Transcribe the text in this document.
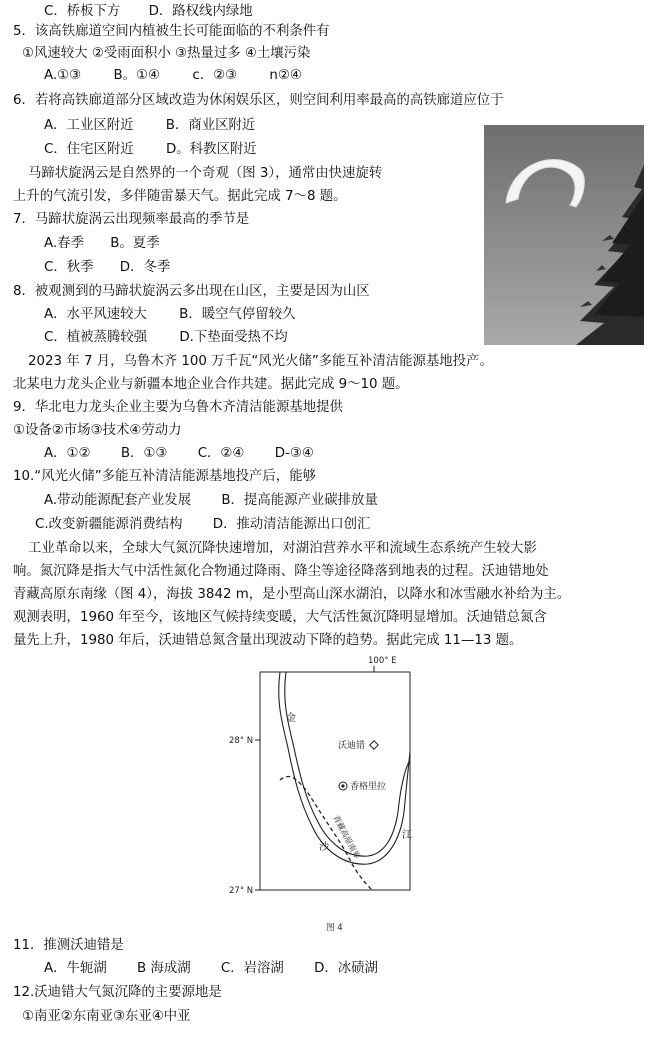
C．桥板下方 D．路权线内绿地
5．该高铁廊道空间内植被生长可能面临的不利条件有
①风速较大 ②受雨面积小 ③热量过多 ④土壤污染
A.①③ B。①④ c．②③ n②④
6．若将高铁廊道部分区域改造为休闲娱乐区，则空间利用率最高的高铁廊道应位于
A．工业区附近 B．商业区附近
C．住宅区附近 D。科教区附近
马蹄状旋涡云是自然界的一个奇观（图 3），通常由快速旋转
上升的气流引发，多伴随雷暴天气。据此完成 7～8 题。
7．马蹄状旋涡云出现频率最高的季节是
A.春季 B。夏季
C．秋季 D．冬季
8．被观测到的马蹄状旋涡云多出现在山区，主要是因为山区
A．水平风速较大 B．暖空气停留较久
C．植被蒸腾较强 D.下垫面受热不均	图 3
2023 年 7 月，乌鲁木齐 100 万千瓦“风光火储”多能互补清洁能源基地投产。
北某电力龙头企业与新疆本地企业合作共建。据此完成 9～10 题。
9．华北电力龙头企业主要为乌鲁木齐清洁能源基地提供
①设备②市场③技术④劳动力
A．①② B．①③ C．②④ D-③④
10.“风光火储”多能互补清洁能源基地投产后，能够
A.带动能源配套产业发展 B．提高能源产业碳排放量
C.改变新疆能源消费结构 D．推动清洁能源出口创汇
工业革命以来，全球大气氮沉降快速增加，对湖泊营养水平和流域生态系统产生较大影
响。氮沉降是指大气中活性氮化合物通过降雨、降尘等途径降落到地表的过程。沃迪错地处
青藏高原东南缘（图 4），海拔 3842 m，是小型高山深水湖泊，以降水和冰雪融水补给为主。
观测表明，1960 年至今，该地区气候持续变暖，大气活性氮沉降明显增加。沃迪错总氮含
量先上升，1980 年后，沃迪错总氮含量出现波动下降的趋势。据此完成 11—13 题。
100° E
28° N
27° N
金
沙
江
沃迪错
香格里拉
青藏高原南界
图 4
11．推测沃迪错是
A．牛轭湖 B 海成湖 C．岩溶湖 D．冰碛湖
12.沃迪错大气氮沉降的主要源地是
①南亚②东南亚③东亚④中亚
